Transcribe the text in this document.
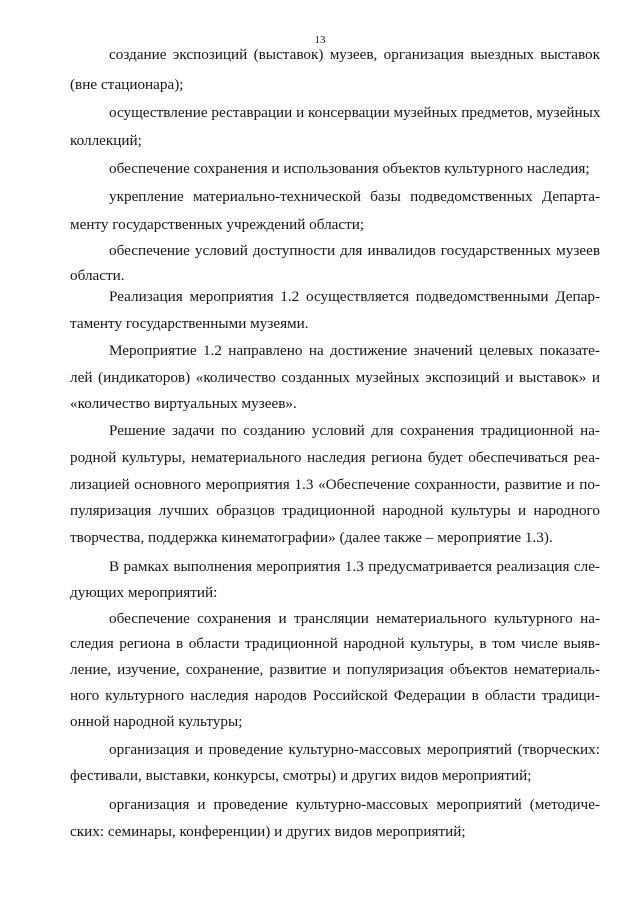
13
создание экспозиций (выставок) музеев, организация выездных выставок
(вне стационара);
осуществление реставрации и консервации музейных предметов, музейных
коллекций;
обеспечение сохранения и использования объектов культурного наследия;
укрепление материально-технической базы подведомственных Департа-
менту государственных учреждений области;
обеспечение условий доступности для инвалидов государственных музеев
области.
Реализация мероприятия 1.2 осуществляется подведомственными Депар-
таменту государственными музеями.
Мероприятие 1.2 направлено на достижение значений целевых показате-
лей (индикаторов) «количество созданных музейных экспозиций и выставок» и
«количество виртуальных музеев».
Решение задачи по созданию условий для сохранения традиционной на-
родной культуры, нематериального наследия региона будет обеспечиваться реа-
лизацией основного мероприятия 1.3 «Обеспечение сохранности, развитие и по-
пуляризация лучших образцов традиционной народной культуры и народного
творчества, поддержка кинематографии» (далее также – мероприятие 1.3).
В рамках выполнения мероприятия 1.3 предусматривается реализация сле-
дующих мероприятий:
обеспечение сохранения и трансляции нематериального культурного на-
следия региона в области традиционной народной культуры, в том числе выяв-
ление, изучение, сохранение, развитие и популяризация объектов нематериаль-
ного культурного наследия народов Российской Федерации в области традици-
онной народной культуры;
организация и проведение культурно-массовых мероприятий (творческих:
фестивали, выставки, конкурсы, смотры) и других видов мероприятий;
организация и проведение культурно-массовых мероприятий (методиче-
ских: семинары, конференции) и других видов мероприятий;
